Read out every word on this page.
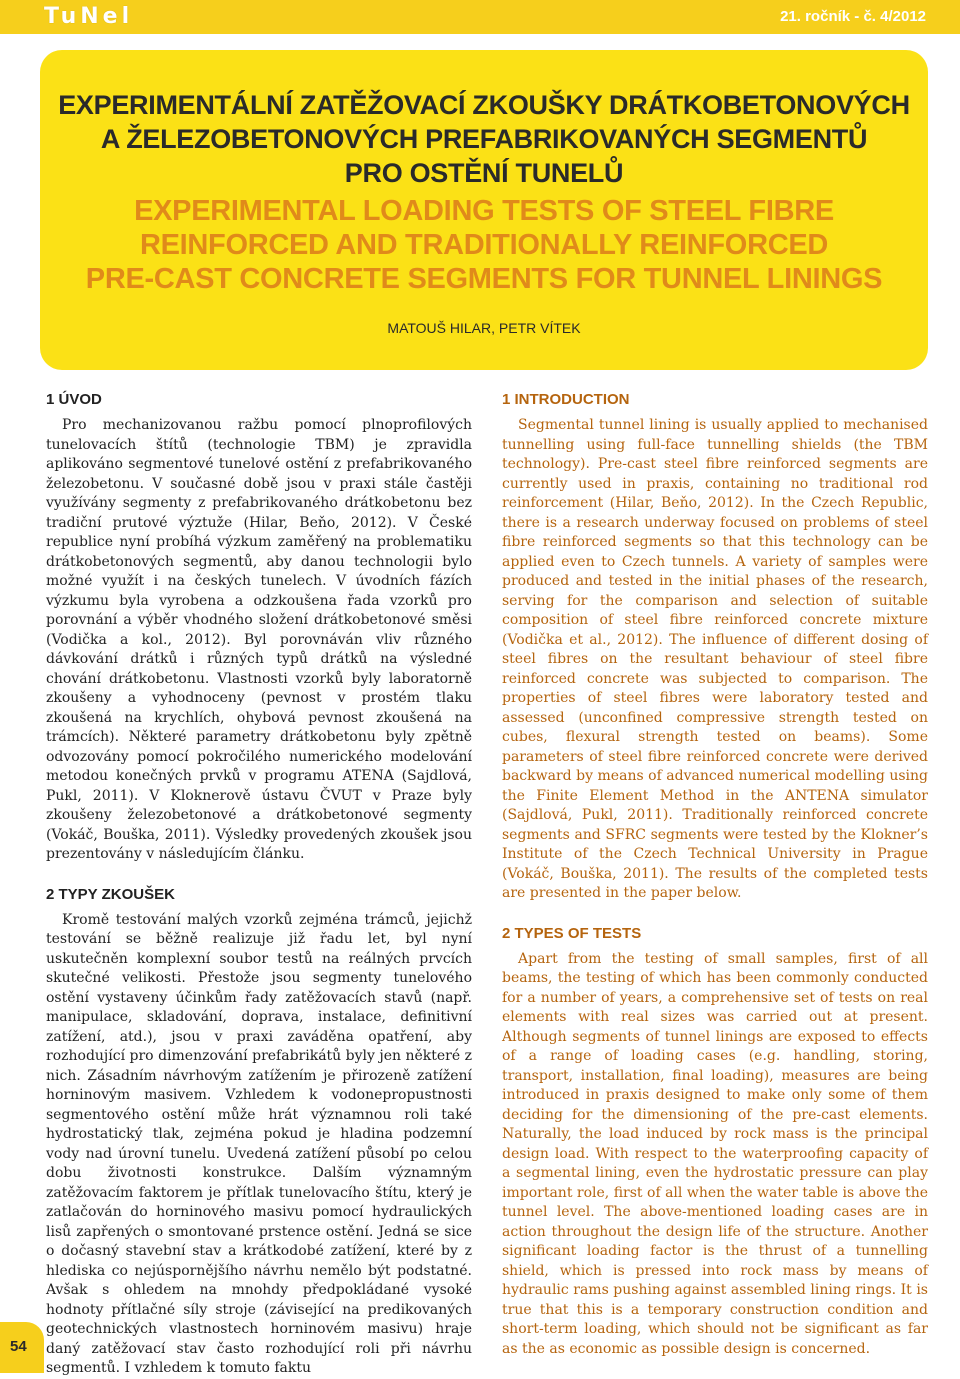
TuNel	21. ročník - č. 4/2012
EXPERIMENTÁLNÍ ZATĚŽOVACÍ ZKOUŠKY DRÁTKOBETONOVÝCH
A ŽELEZOBETONOVÝCH PREFABRIKOVANÝCH SEGMENTŮ
PRO OSTĚNÍ TUNELŮ
EXPERIMENTAL LOADING TESTS OF STEEL FIBRE
REINFORCED AND TRADITIONALLY REINFORCED
PRE-CAST CONCRETE SEGMENTS FOR TUNNEL LININGS
MATOUŠ HILAR, PETR VÍTEK
1 ÚVOD

Pro mechanizovanou ražbu pomocí plnoprofilových tunelovacích štítů (technologie TBM) je zpravidla aplikováno segmentové tunelové ostění z prefabrikovaného železobetonu. V současné době jsou v praxi stále častěji využívány segmenty z prefabrikovaného drátkobetonu bez tradiční prutové výztuže (Hilar, Beňo, 2012). V České republice nyní probíhá výzkum zaměřený na problematiku drátkobetonových segmentů, aby danou technologii bylo možné využít i na českých tunelech. V úvodních fázích výzkumu byla vyrobena a odzkoušena řada vzorků pro porovnání a výběr vhodného složení drátkobetonové směsi (Vodička a kol., 2012). Byl porovnáván vliv různého dávkování drátků i různých typů drátků na výsledné chování drátkobetonu. Vlastnosti vzorků byly laboratorně zkoušeny a vyhodnoceny (pevnost v prostém tlaku zkoušená na krychlích, ohybová pevnost zkoušená na trámcích). Některé parametry drátkobetonu byly zpětně odvozovány pomocí pokročilého numerického modelování metodou konečných prvků v programu ATENA (Sajdlová, Pukl, 2011). V Kloknerově ústavu ČVUT v Praze byly zkoušeny železobetonové a drátkobetonové segmenty (Vokáč, Bouška, 2011). Výsledky provedených zkoušek jsou prezentovány v následujícím článku.

2 TYPY ZKOUŠEK

Kromě testování malých vzorků zejména trámců, jejichž testování se běžně realizuje již řadu let, byl nyní uskutečněn komplexní soubor testů na reálných prvcích skutečné velikosti. Přestože jsou segmenty tunelového ostění vystaveny účinkům řady zatěžovacích stavů (např. manipulace, skladování, doprava, instalace, definitivní zatížení, atd.), jsou v praxi zaváděna opatření, aby rozhodující pro dimenzování prefabrikátů byly jen některé z nich. Zásadním návrhovým zatížením je přirozeně zatížení horninovým masivem. Vzhledem k vodonepropustnosti segmentového ostění může hrát významnou roli také hydrostatický tlak, zejména pokud je hladina podzemní vody nad úrovní tunelu. Uvedená zatížení působí po celou dobu životnosti konstrukce. Dalším významným zatěžovacím faktorem je přítlak tunelovacího štítu, který je zatlačován do horninového masivu pomocí hydraulických lisů zapřených o smontované prstence ostění. Jedná se sice o dočasný stavební stav a krátkodobé zatížení, které by z hlediska co nejúspornějšího návrhu nemělo být podstatné. Avšak s ohledem na mnohdy předpokládané vysoké hodnoty přítlačné síly stroje (závisející na predikovaných geotechnických vlastnostech horninovém masivu) hraje daný zatěžovací stav často rozhodující roli při návrhu segmentů. I vzhledem k tomuto faktu

1 INTRODUCTION

Segmental tunnel lining is usually applied to mechanised tunnelling using full-face tunnelling shields (the TBM technology). Pre-cast steel fibre reinforced segments are currently used in praxis, containing no traditional rod reinforcement (Hilar, Beňo, 2012). In the Czech Republic, there is a research underway focused on problems of steel fibre reinforced segments so that this technology can be applied even to Czech tunnels. A variety of samples were produced and tested in the initial phases of the research, serving for the comparison and selection of suitable composition of steel fibre reinforced concrete mixture (Vodička et al., 2012). The influence of different dosing of steel fibres on the resultant behaviour of steel fibre reinforced concrete was subjected to comparison. The properties of steel fibres were laboratory tested and assessed (unconfined compressive strength tested on cubes, flexural strength tested on beams). Some parameters of steel fibre reinforced concrete were derived backward by means of advanced numerical modelling using the Finite Element Method in the ANTENA simulator (Sajdlová, Pukl, 2011). Traditionally reinforced concrete segments and SFRC segments were tested by the Klokner’s Institute of the Czech Technical University in Prague (Vokáč, Bouška, 2011). The results of the completed tests are presented in the paper below.

2 TYPES OF TESTS

Apart from the testing of small samples, first of all beams, the testing of which has been commonly conducted for a number of years, a comprehensive set of tests on real elements with real sizes was carried out at present. Although segments of tunnel linings are exposed to effects of a range of loading cases (e.g. handling, storing, transport, installation, final loading), measures are being introduced in praxis designed to make only some of them deciding for the dimensioning of the pre-cast elements. Naturally, the load induced by rock mass is the principal design load. With respect to the waterproofing capacity of a segmental lining, even the hydrostatic pressure can play important role, first of all when the water table is above the tunnel level. The above-mentioned loading cases are in action throughout the design life of the structure. Another significant loading factor is the thrust of a tunnelling shield, which is pressed into rock mass by means of hydraulic rams pushing against assembled lining rings. It is true that this is a temporary construction condition and short-term loading, which should not be significant as far as the as economic as possible design is concerned.

54
